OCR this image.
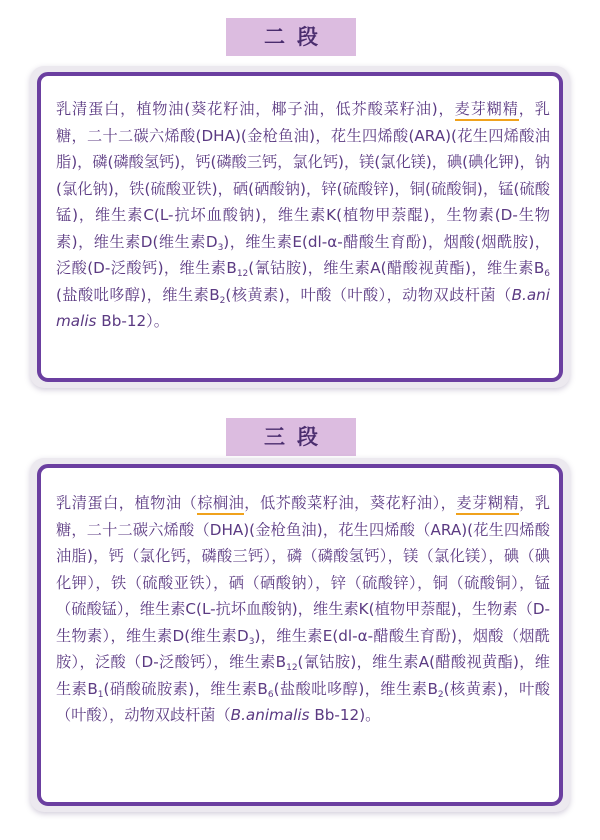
二段

乳清蛋白，植物油(葵花籽油，椰子油，低芥酸菜籽油)，麦芽糊精，乳糖，二十二碳六烯酸(DHA)(金枪鱼油)，花生四烯酸(ARA)(花生四烯酸油脂)，磷(磷酸氢钙)，钙(磷酸三钙，氯化钙)，镁(氯化镁)，碘(碘化钾)，钠(氯化钠)，铁(硫酸亚铁)，硒(硒酸钠)，锌(硫酸锌)，铜(硫酸铜)，锰(硫酸锰)，维生素C(L-抗坏血酸钠)，维生素K(植物甲萘醌)，生物素(D-生物素)，维生素D(维生素$D_3$)，维生素E(dl-α-醋酸生育酚)，烟酸(烟酰胺)，泛酸(D-泛酸钙)，维生素$B_{12}$(氰钴胺)，维生素A(醋酸视黄酯)，维生素$B_6$(盐酸吡哆醇)，维生素$B_2$(核黄素)，叶酸（叶酸），动物双歧杆菌（B.animalis Bb-12）。

三段

乳清蛋白，植物油（棕榈油，低芥酸菜籽油，葵花籽油），麦芽糊精，乳糖，二十二碳六烯酸（DHA)(金枪鱼油)，花生四烯酸（ARA)(花生四烯酸油脂)，钙（氯化钙，磷酸三钙），磷（磷酸氢钙），镁（氯化镁），碘（碘化钾），铁（硫酸亚铁），硒（硒酸钠），锌（硫酸锌），铜（硫酸铜），锰（硫酸锰），维生素C(L-抗坏血酸钠)，维生素K(植物甲萘醌)，生物素（D-生物素），维生素D(维生素$D_3$)，维生素E(dl-α-醋酸生育酚)，烟酸（烟酰胺），泛酸（D-泛酸钙），维生素$B_{12}$(氰钴胺)，维生素A(醋酸视黄酯)，维生素$B_1$(硝酸硫胺素)，维生素$B_6$(盐酸吡哆醇)，维生素$B_2$(核黄素)，叶酸（叶酸），动物双歧杆菌（B.animalis Bb-12)。
